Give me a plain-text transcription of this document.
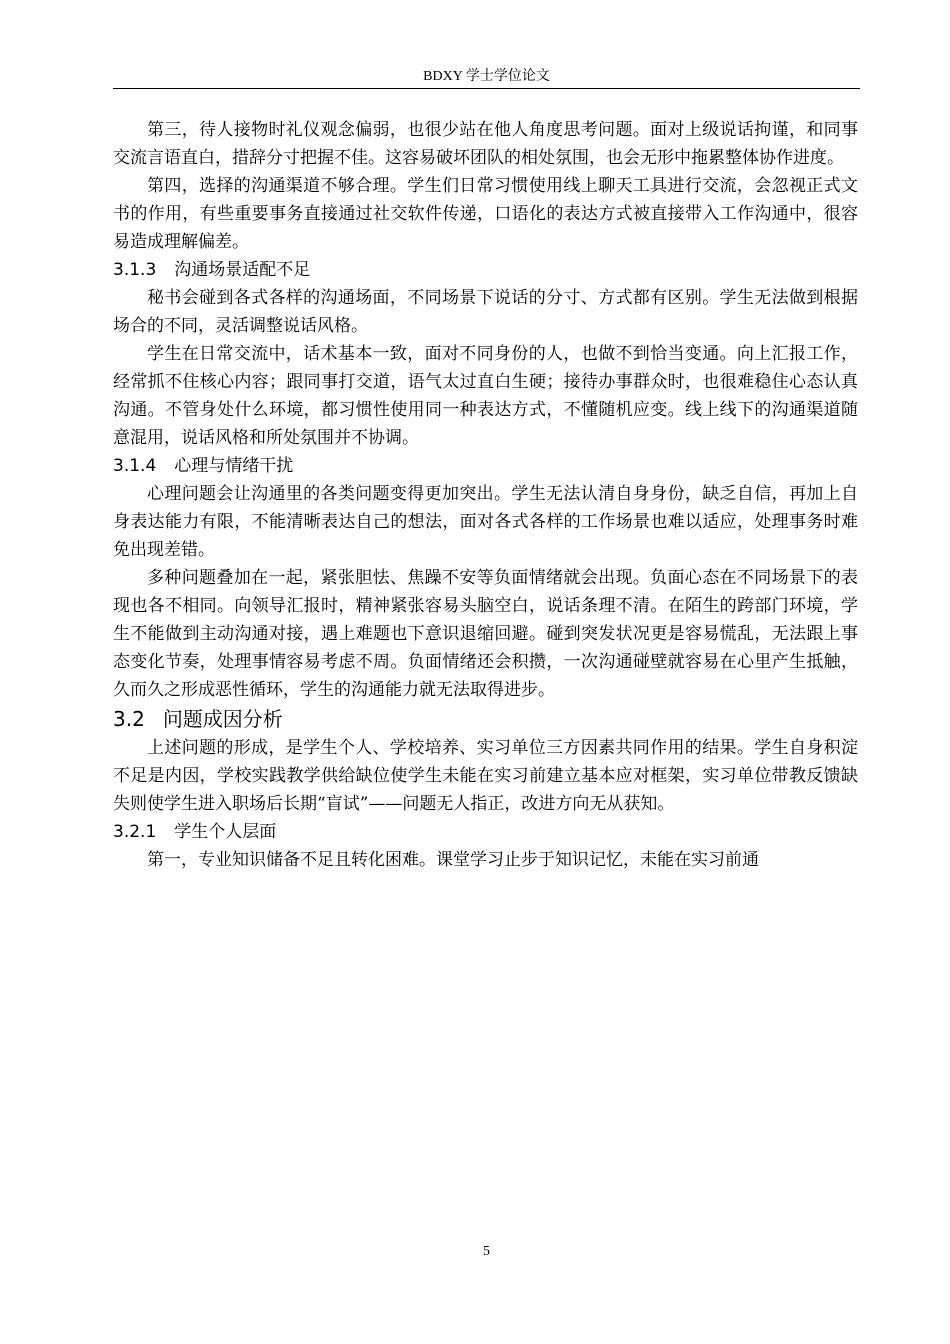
BDXY 学士学位论文

第三，待人接物时礼仪观念偏弱，也很少站在他人角度思考问题。面对上级说话拘谨，和同事交流言语直白，措辞分寸把握不佳。这容易破坏团队的相处氛围，也会无形中拖累整体协作进度。

第四，选择的沟通渠道不够合理。学生们日常习惯使用线上聊天工具进行交流，会忽视正式文书的作用，有些重要事务直接通过社交软件传递，口语化的表达方式被直接带入工作沟通中，很容易造成理解偏差。

3.1.3 沟通场景适配不足

秘书会碰到各式各样的沟通场面，不同场景下说话的分寸、方式都有区别。学生无法做到根据场合的不同，灵活调整说话风格。

学生在日常交流中，话术基本一致，面对不同身份的人，也做不到恰当变通。向上汇报工作，经常抓不住核心内容；跟同事打交道，语气太过直白生硬；接待办事群众时，也很难稳住心态认真沟通。不管身处什么环境，都习惯性使用同一种表达方式，不懂随机应变。线上线下的沟通渠道随意混用，说话风格和所处氛围并不协调。

3.1.4 心理与情绪干扰

心理问题会让沟通里的各类问题变得更加突出。学生无法认清自身身份，缺乏自信，再加上自身表达能力有限，不能清晰表达自己的想法，面对各式各样的工作场景也难以适应，处理事务时难免出现差错。

多种问题叠加在一起，紧张胆怯、焦躁不安等负面情绪就会出现。负面心态在不同场景下的表现也各不相同。向领导汇报时，精神紧张容易头脑空白，说话条理不清。在陌生的跨部门环境，学生不能做到主动沟通对接，遇上难题也下意识退缩回避。碰到突发状况更是容易慌乱，无法跟上事态变化节奏，处理事情容易考虑不周。负面情绪还会积攒，一次沟通碰壁就容易在心里产生抵触，久而久之形成恶性循环，学生的沟通能力就无法取得进步。

3.2 问题成因分析

上述问题的形成，是学生个人、学校培养、实习单位三方因素共同作用的结果。学生自身积淀不足是内因，学校实践教学供给缺位使学生未能在实习前建立基本应对框架，实习单位带教反馈缺失则使学生进入职场后长期“盲试”——问题无人指正，改进方向无从获知。

3.2.1 学生个人层面

第一，专业知识储备不足且转化困难。课堂学习止步于知识记忆，未能在实习前通

5
